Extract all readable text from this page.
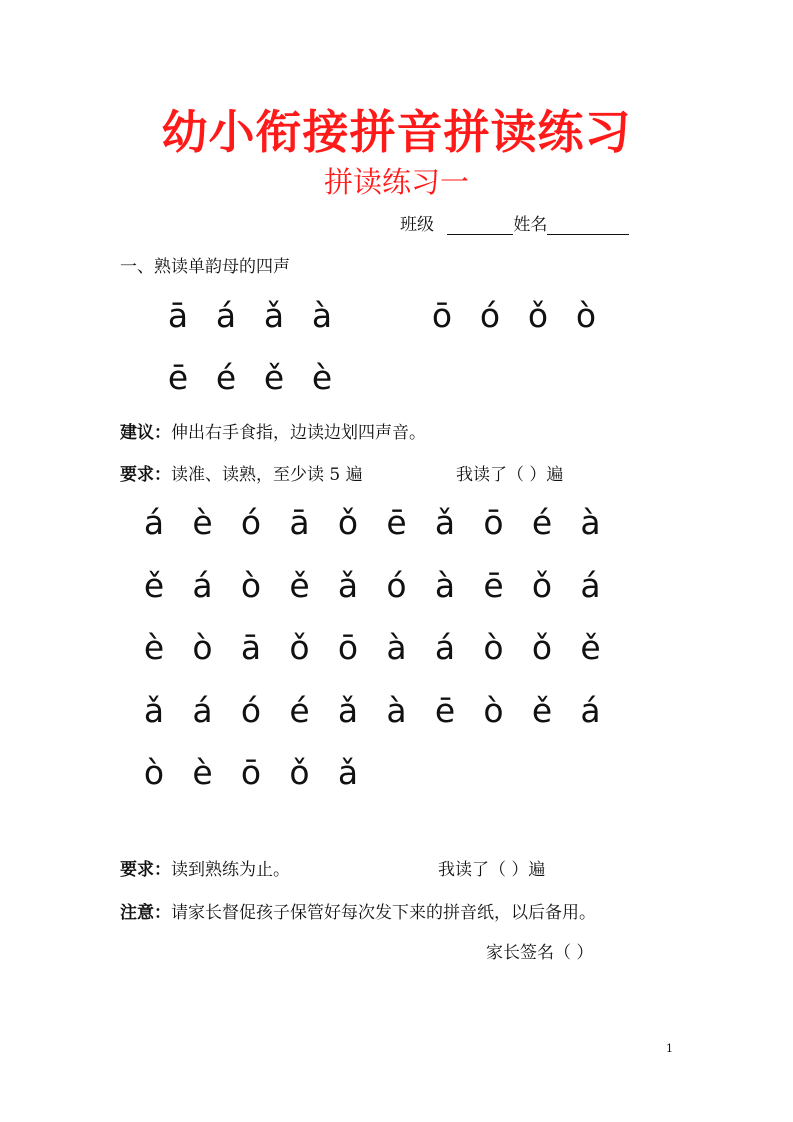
幼小衔接拼音拼读练习
拼读练习一
班级	姓名
一、熟读单韵母的四声
ā á ǎ à	ō ó ǒ ò
ē é ě è
建议：伸出右手食指，边读边划四声音。
要求：读准、读熟，至少读 5 遍	我读了（ ）遍
á è ó ā ǒ ē ǎ ō é à
ě á ò ě ǎ ó à ē ǒ á
è ò ā ǒ ō à á ò ǒ ě
ǎ á ó é ǎ à ē ò ě á
ò è ō ǒ ǎ
要求：读到熟练为止。	我读了（ ）遍
注意：请家长督促孩子保管好每次发下来的拼音纸，以后备用。
家长签名（ ）
1
